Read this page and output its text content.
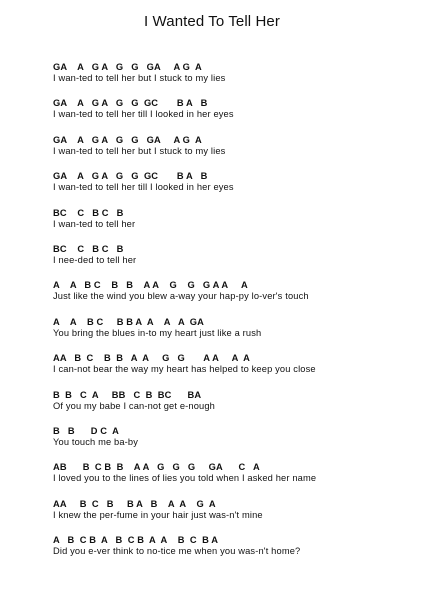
I Wanted To Tell Her
GA    A   G A   G   G   GA     A G  A
I wan-ted to tell her but I stuck to my lies
GA    A   G A   G   G  GC       B A   B
I wan-ted to tell her till I looked in her eyes
GA    A   G A   G   G   GA     A G  A
I wan-ted to tell her but I stuck to my lies
GA    A   G A   G   G  GC       B A   B
I wan-ted to tell her till I looked in her eyes
BC    C   B C   B
I wan-ted to tell her
BC    C   B C   B
I nee-ded to tell her
A    A   B C    B   B    A A    G    G   G A A     A
Just like the wind you blew a-way your hap-py lo-ver's touch
A    A    B C     B B A  A    A   A  GA
You bring the blues in-to my heart just like a rush
AA   B  C    B  B   A  A     G   G       A A     A  A
I can-not bear the way my heart has helped to keep you close
B  B   C  A     BB   C  B  BC      BA
Of you my babe I can-not get e-nough
B   B      D C  A
You touch me ba-by
AB      B  C B  B    A A   G   G   G     GA      C   A
I loved you to the lines of lies you told when I asked her name
AA     B  C   B     B A   B    A  A    G  A
I knew the per-fume in your hair just was-n't mine
A   B  C B  A   B  C B  A  A    B  C  B A
Did you e-ver think to no-tice me when you was-n't home?
